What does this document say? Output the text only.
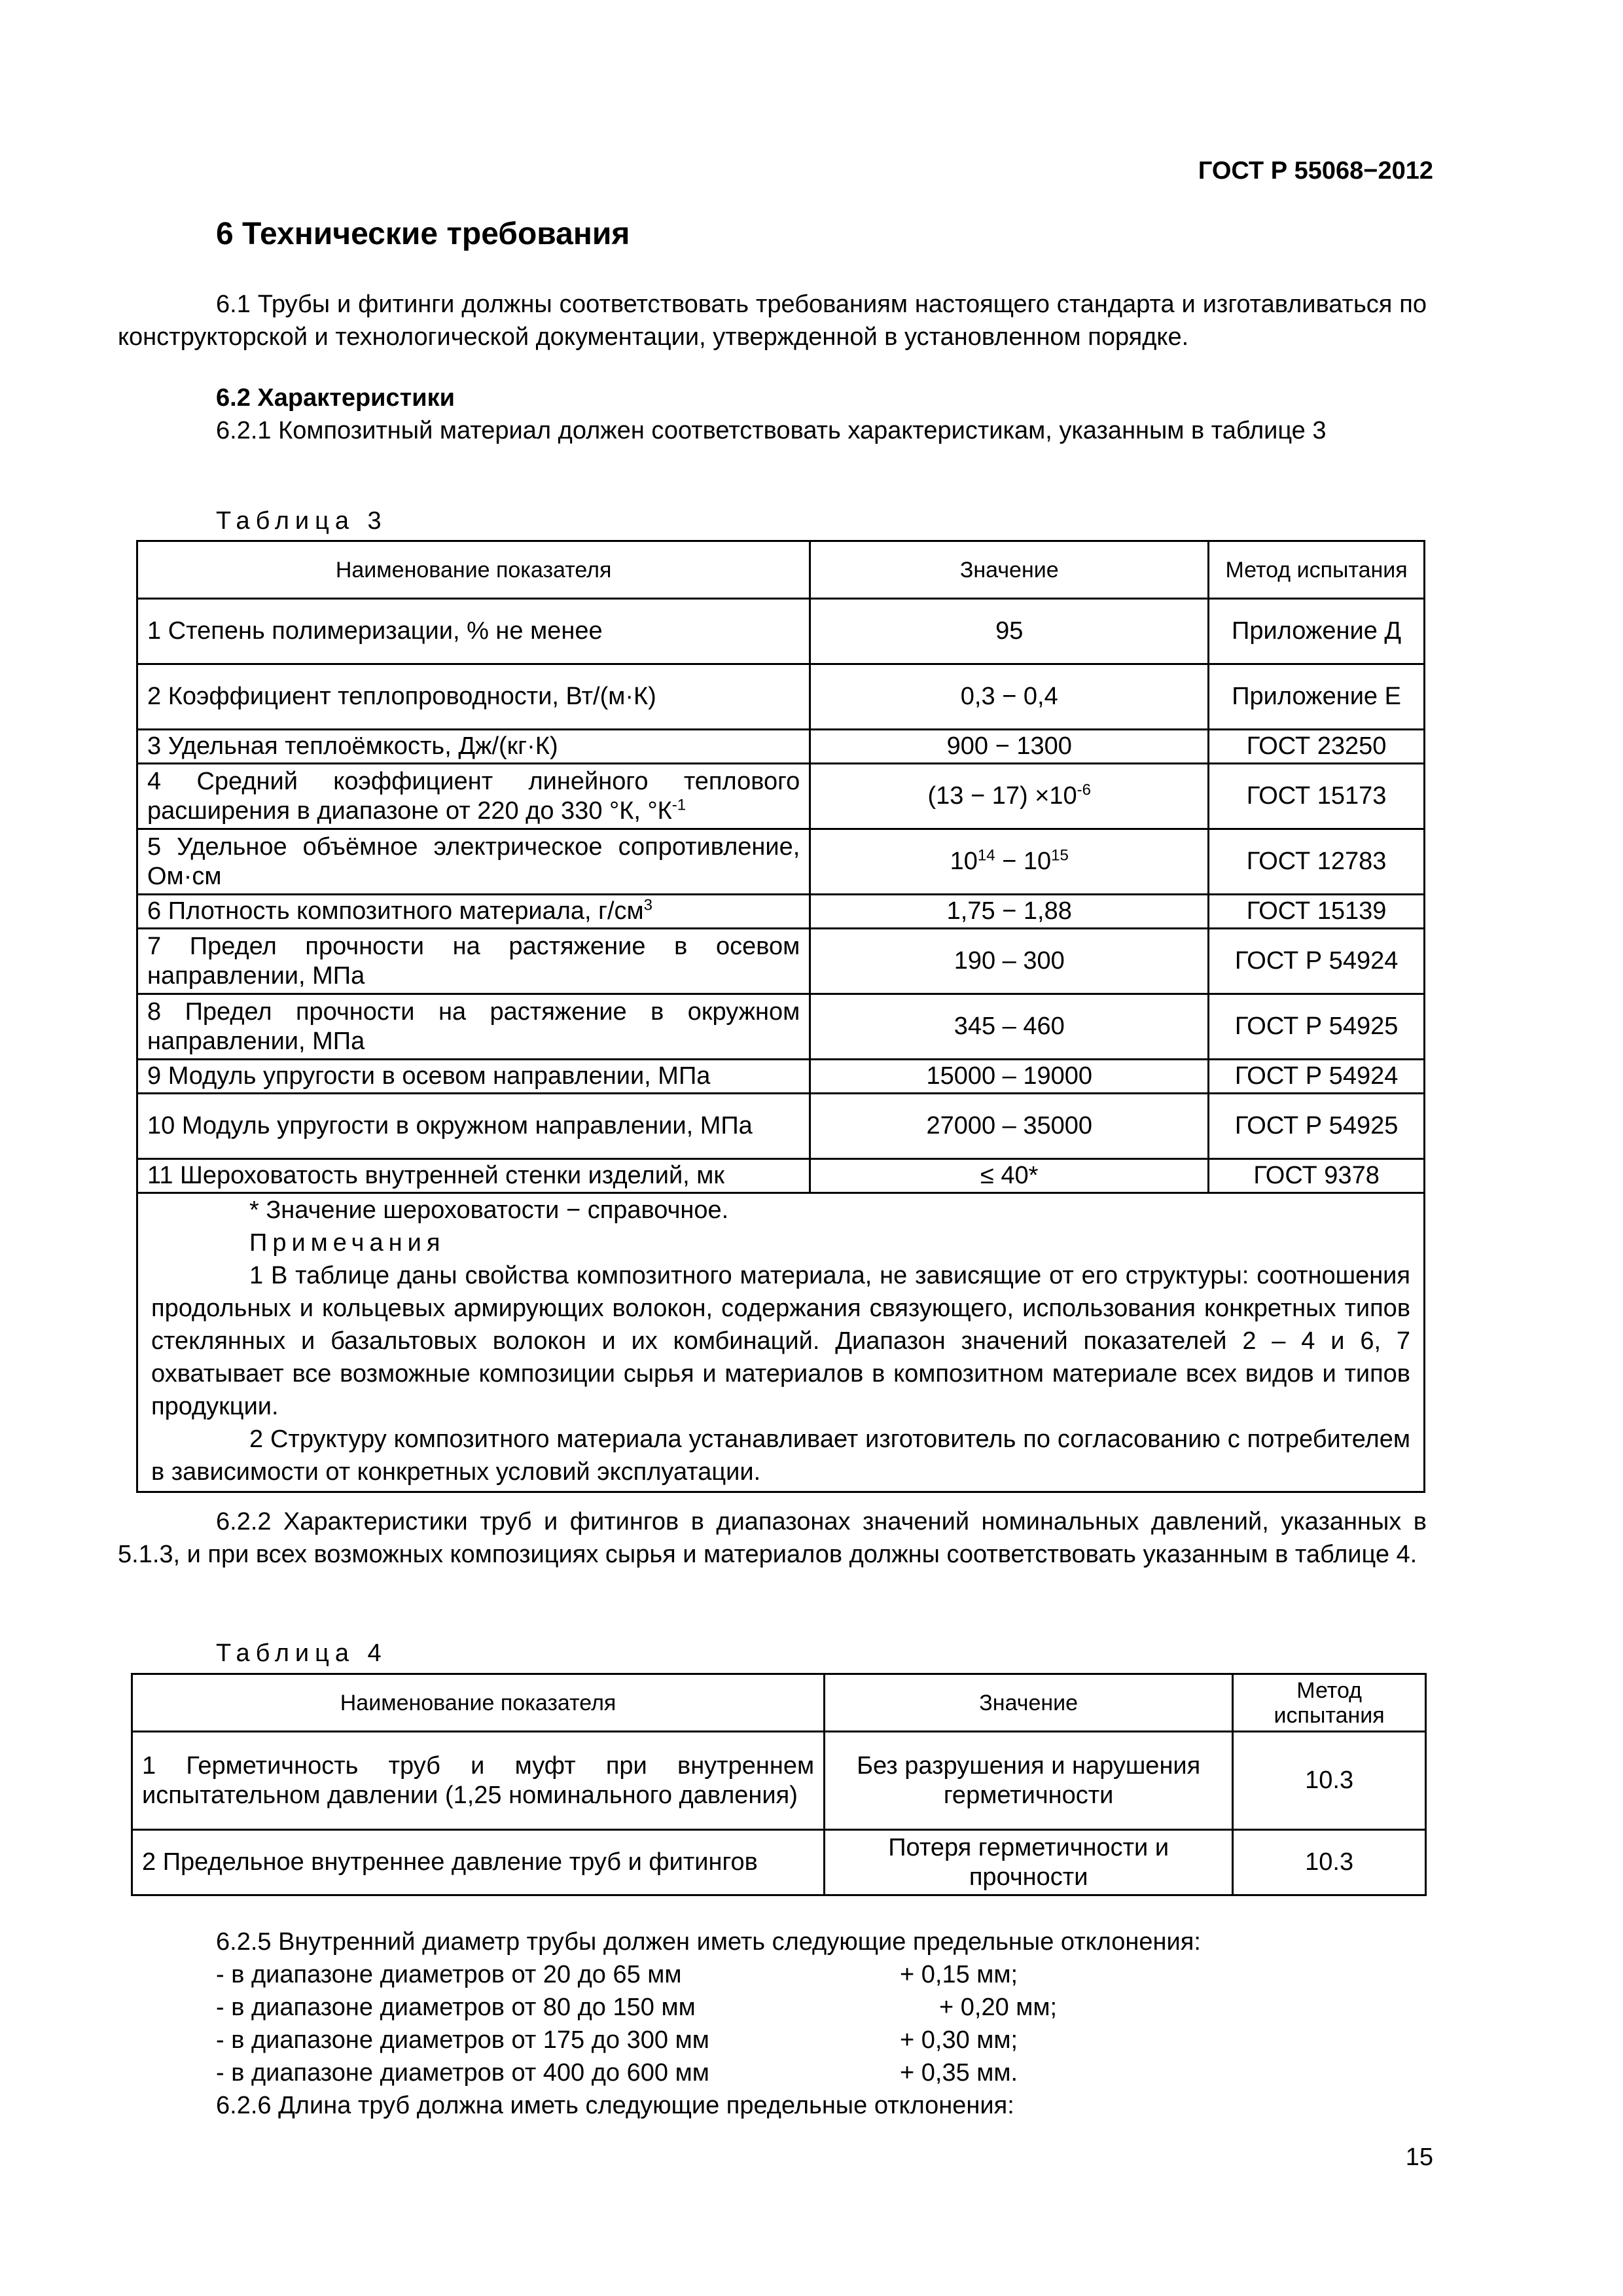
ГОСТ Р 55068−2012
6 Технические требования
6.1 Трубы и фитинги должны соответствовать требованиям настоящего стандарта и изготавливаться по конструкторской и технологической документации, утвержденной в установленном порядке.
6.2 Характеристики
6.2.1 Композитный материал должен соответствовать характеристикам, указанным в таблице 3
Таблица 3
Наименование показателя	Значение	Метод испытания
1 Степень полимеризации, % не менее	95	Приложение Д
2 Коэффициент теплопроводности, Вт/(м·К)	0,3 − 0,4	Приложение Е
3 Удельная теплоёмкость, Дж/(кг·К)	900 − 1300	ГОСТ 23250
4 Средний коэффициент линейного теплового расширения в диапазоне от 220 до 330 °К, $^\circ К^{-1}$	$(13 - 17) \times 10^{-6}$	ГОСТ 15173
5 Удельное объёмное электрическое сопротивление, Ом·см	$10^{14} - 10^{15}$	ГОСТ 12783
6 Плотность композитного материала, $г/см^3$	1,75 − 1,88	ГОСТ 15139
7 Предел прочности на растяжение в осевом направлении, МПа	190 – 300	ГОСТ Р 54924
8 Предел прочности на растяжение в окружном направлении, МПа	345 – 460	ГОСТ Р 54925
9 Модуль упругости в осевом направлении, МПа	15000 – 19000	ГОСТ Р 54924
10 Модуль упругости в окружном направлении, МПа	27000 – 35000	ГОСТ Р 54925
11 Шероховатость внутренней стенки изделий, мк	≤ 40*	ГОСТ 9378

* Значение шероховатости − справочное.
Примечания
1 В таблице даны свойства композитного материала, не зависящие от его структуры: соотношения продольных и кольцевых армирующих волокон, содержания связующего, использования конкретных типов стеклянных и базальтовых волокон и их комбинаций. Диапазон значений показателей 2 – 4 и 6, 7 охватывает все возможные композиции сырья и материалов в композитном материале всех видов и типов продукции.
2 Структуру композитного материала устанавливает изготовитель по согласованию с потребителем в зависимости от конкретных условий эксплуатации.		
6.2.2 Характеристики труб и фитингов в диапазонах значений номинальных давлений, указанных в 5.1.3, и при всех возможных композициях сырья и материалов должны соответствовать указанным в таблице 4.
Таблица 4
Наименование показателя	Значение	Метод испытания
1 Герметичность труб и муфт при внутреннем испытательном давлении (1,25 номинального давления)	Без разрушения и нарушения герметичности	10.3
2 Предельное внутреннее давление труб и фитингов	Потеря герметичности и прочности	10.3
6.2.5 Внутренний диаметр трубы должен иметь следующие предельные отклонения:
- в диапазоне диаметров от 20 до 65 мм	+ 0,15 мм;
- в диапазоне диаметров от 80 до 150 мм	+ 0,20 мм;
- в диапазоне диаметров от 175 до 300 мм	+ 0,30 мм;
- в диапазоне диаметров от 400 до 600 мм	+ 0,35 мм.
6.2.6 Длина труб должна иметь следующие предельные отклонения:
15
